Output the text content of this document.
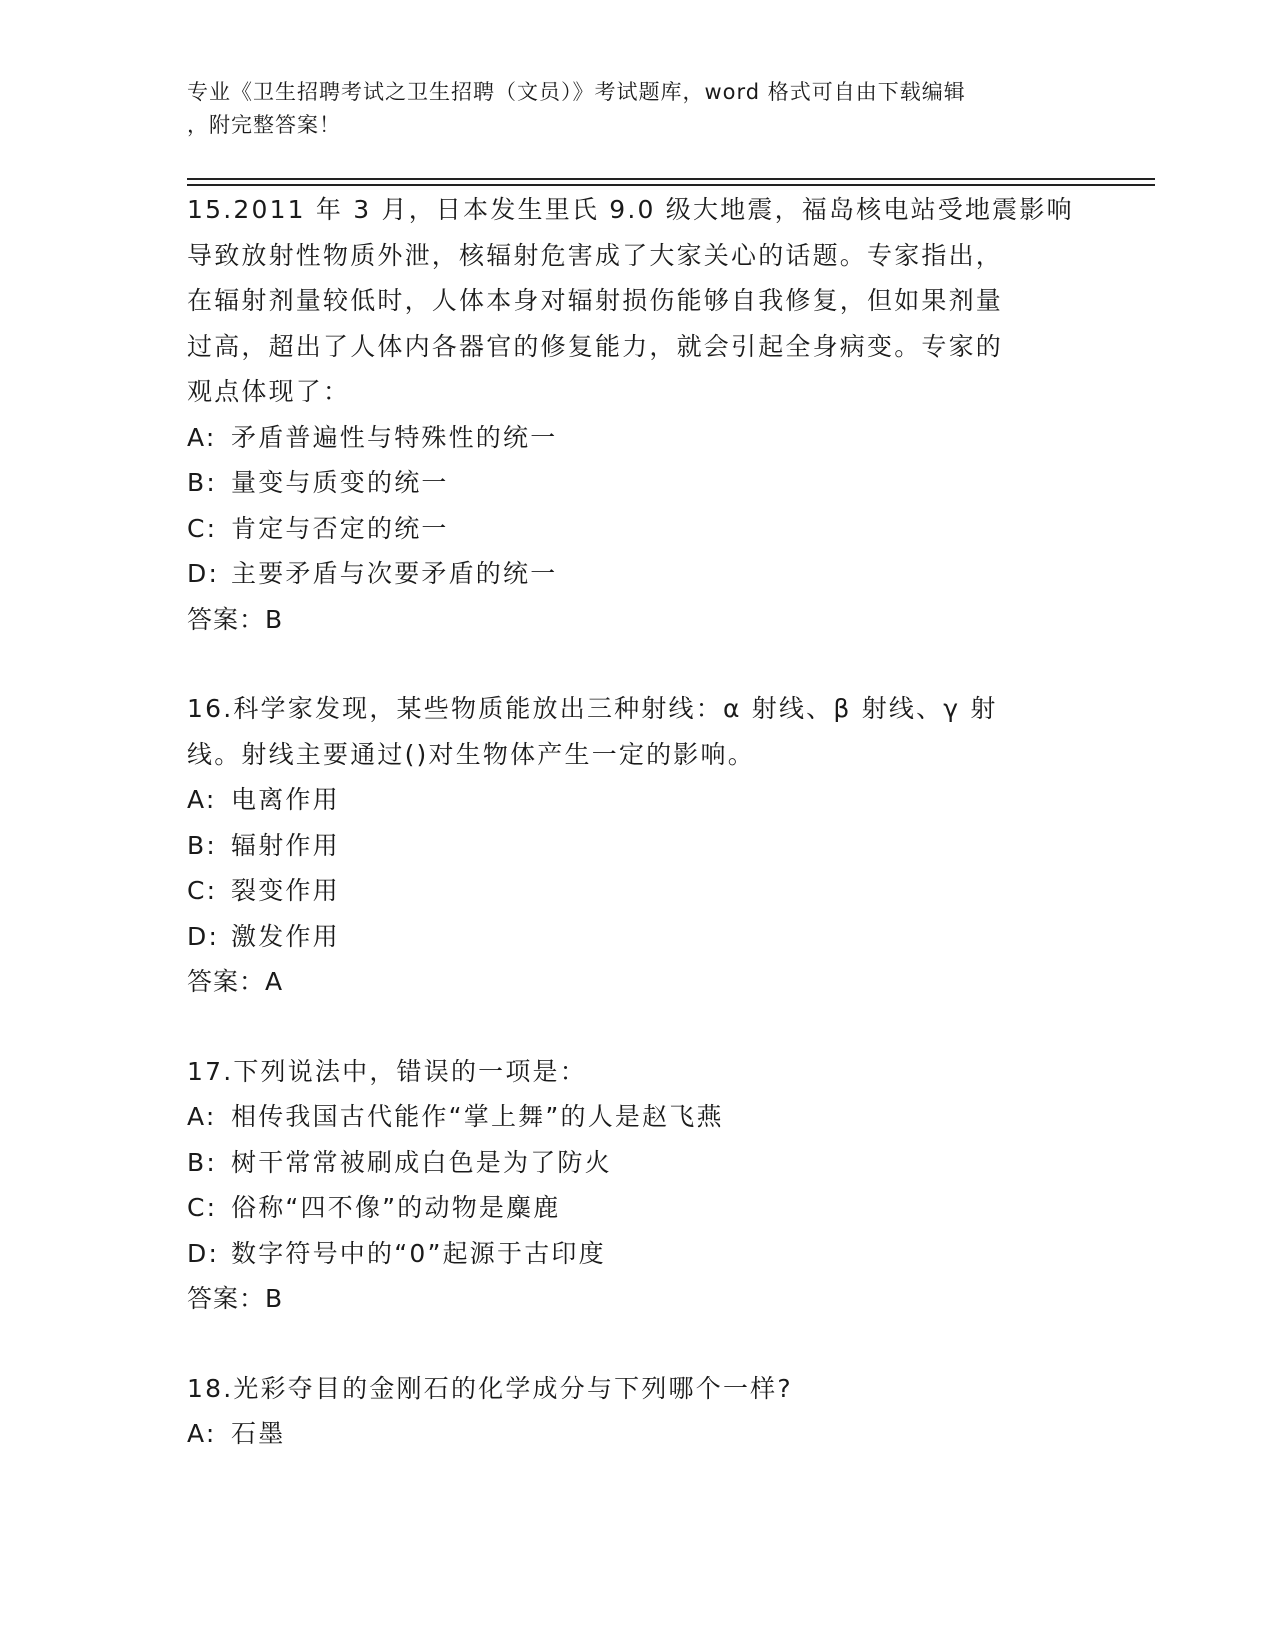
专业《卫生招聘考试之卫生招聘（文员）》考试题库，word 格式可自由下载编辑
，附完整答案！
15.2011 年 3 月，日本发生里氏 9.0 级大地震，福岛核电站受地震影响
导致放射性物质外泄，核辐射危害成了大家关心的话题。专家指出，
在辐射剂量较低时，人体本身对辐射损伤能够自我修复，但如果剂量
过高，超出了人体内各器官的修复能力，就会引起全身病变。专家的
观点体现了：
A: 矛盾普遍性与特殊性的统一
B: 量变与质变的统一
C: 肯定与否定的统一
D: 主要矛盾与次要矛盾的统一
答案：B
16.科学家发现，某些物质能放出三种射线：α 射线、β 射线、γ 射
线。射线主要通过()对生物体产生一定的影响。
A: 电离作用
B: 辐射作用
C: 裂变作用
D: 激发作用
答案：A
17.下列说法中，错误的一项是：
A: 相传我国古代能作“掌上舞”的人是赵飞燕
B: 树干常常被刷成白色是为了防火
C: 俗称“四不像”的动物是麋鹿
D: 数字符号中的“0”起源于古印度
答案：B
18.光彩夺目的金刚石的化学成分与下列哪个一样?
A: 石墨
